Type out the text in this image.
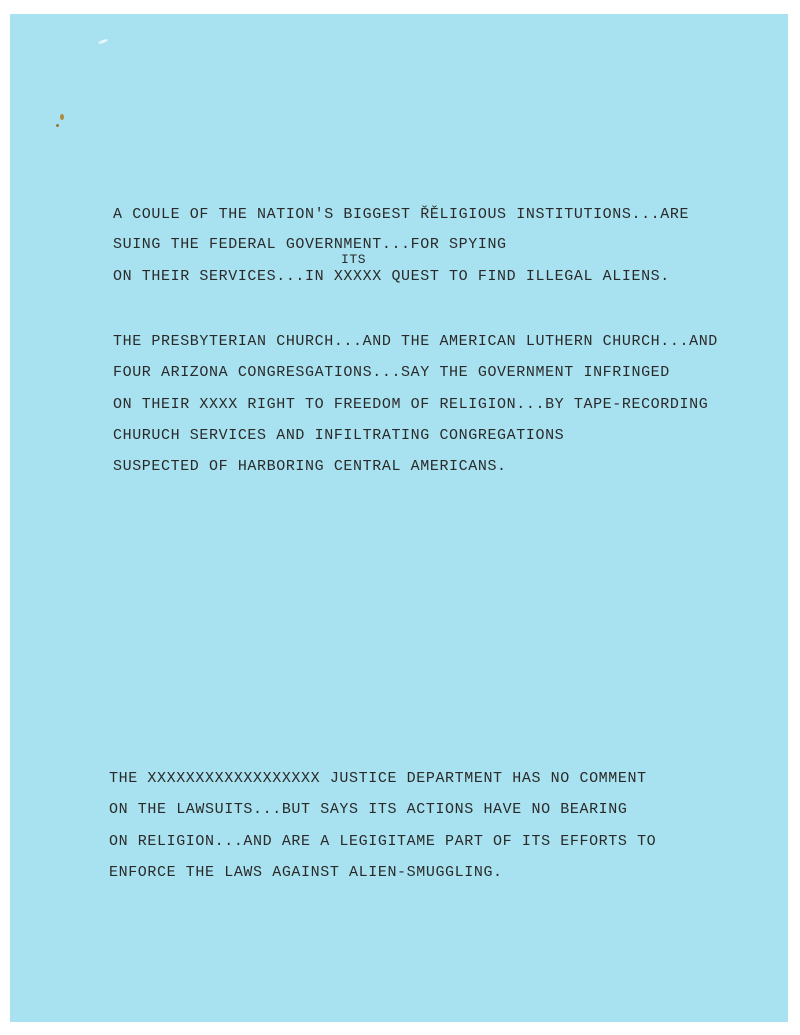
A COULE OF THE NATION'S BIGGEST ŘĚLIGIOUS INSTITUTIONS...ARE

SUING THE FEDERAL GOVERNMENT...FOR SPYING

ITS

ON THEIR SERVICES...IN XXXXX QUEST TO FIND ILLEGAL ALIENS.

THE PRESBYTERIAN CHURCH...AND THE AMERICAN LUTHERN CHURCH...AND

FOUR ARIZONA CONGRESGATIONS...SAY THE GOVERNMENT INFRINGED

ON THEIR XXXX RIGHT TO FREEDOM OF RELIGION...BY TAPE-RECORDING

CHURUCH SERVICES AND INFILTRATING CONGREGATIONS

SUSPECTED OF HARBORING CENTRAL AMERICANS.

THE XXXXXXXXXXXXXXXXXX JUSTICE DEPARTMENT HAS NO COMMENT

ON THE LAWSUITS...BUT SAYS ITS ACTIONS HAVE NO BEARING

ON RELIGION...AND ARE A LEGIGITAME PART OF ITS EFFORTS TO

ENFORCE THE LAWS AGAINST ALIEN-SMUGGLING.
